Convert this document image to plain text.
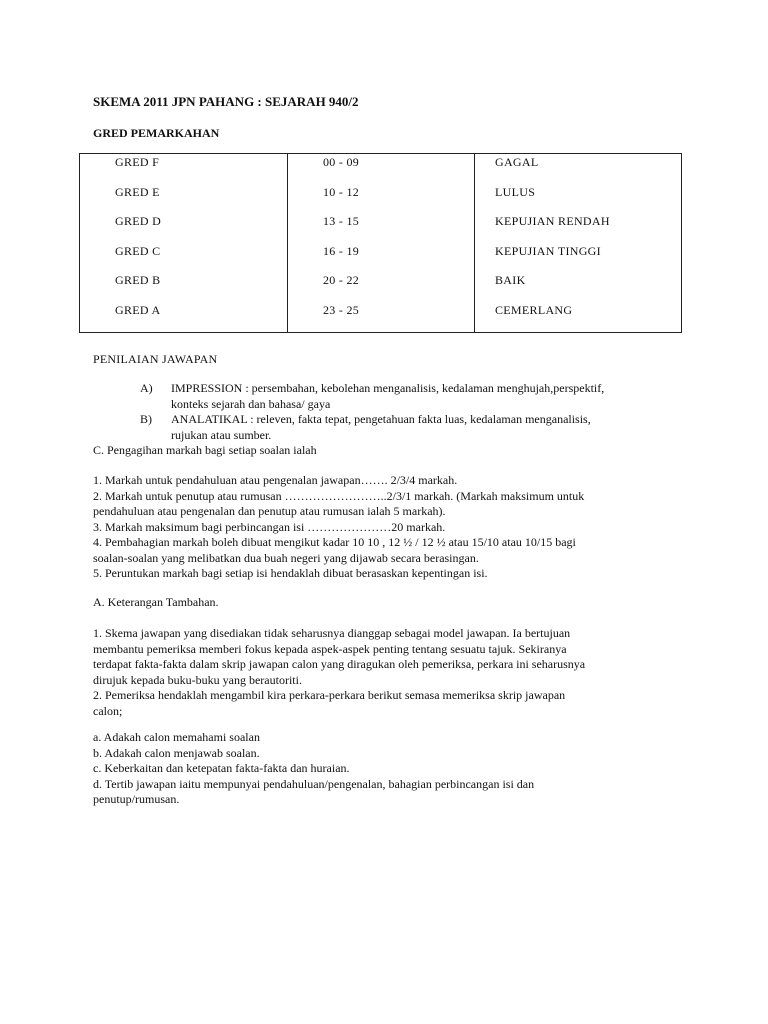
SKEMA 2011 JPN PAHANG : SEJARAH 940/2
GRED PEMARKAHAN
GRED F	00 - 09	GAGAL
GRED E	10 - 12	LULUS
GRED D	13 - 15	KEPUJIAN RENDAH
GRED C	16 - 19	KEPUJIAN TINGGI
GRED B	20 - 22	BAIK
GRED A	23 - 25	CEMERLANG
PENILAIAN JAWAPAN
A)	IMPRESSION : persembahan, kebolehan menganalisis, kedalaman menghujah,perspektif,
konteks sejarah dan bahasa/ gaya
B)	ANALATIKAL : releven, fakta tepat, pengetahuan fakta luas, kedalaman menganalisis,
rujukan atau sumber.
C. Pengagihan markah bagi setiap soalan ialah
1. Markah untuk pendahuluan atau pengenalan jawapan……. 2/3/4 markah.
2. Markah untuk penutup atau rumusan ……………………..2/3/1 markah. (Markah maksimum untuk
pendahuluan atau pengenalan dan penutup atau rumusan ialah 5 markah).
3. Markah maksimum bagi perbincangan isi …………………20 markah.
4. Pembahagian markah boleh dibuat mengikut kadar 10 10 , 12 ½ / 12 ½ atau 15/10 atau 10/15 bagi
soalan-soalan yang melibatkan dua buah negeri yang dijawab secara berasingan.
5. Peruntukan markah bagi setiap isi hendaklah dibuat berasaskan kepentingan isi.
A. Keterangan Tambahan.
1. Skema jawapan yang disediakan tidak seharusnya dianggap sebagai model jawapan. Ia bertujuan
membantu pemeriksa memberi fokus kepada aspek-aspek penting tentang sesuatu tajuk. Sekiranya
terdapat fakta-fakta dalam skrip jawapan calon yang diragukan oleh pemeriksa, perkara ini seharusnya
dirujuk kepada buku-buku yang berautoriti.
2. Pemeriksa hendaklah mengambil kira perkara-perkara berikut semasa memeriksa skrip jawapan
calon;
a. Adakah calon memahami soalan
b. Adakah calon menjawab soalan.
c. Keberkaitan dan ketepatan fakta-fakta dan huraian.
d. Tertib jawapan iaitu mempunyai pendahuluan/pengenalan, bahagian perbincangan isi dan
penutup/rumusan.
